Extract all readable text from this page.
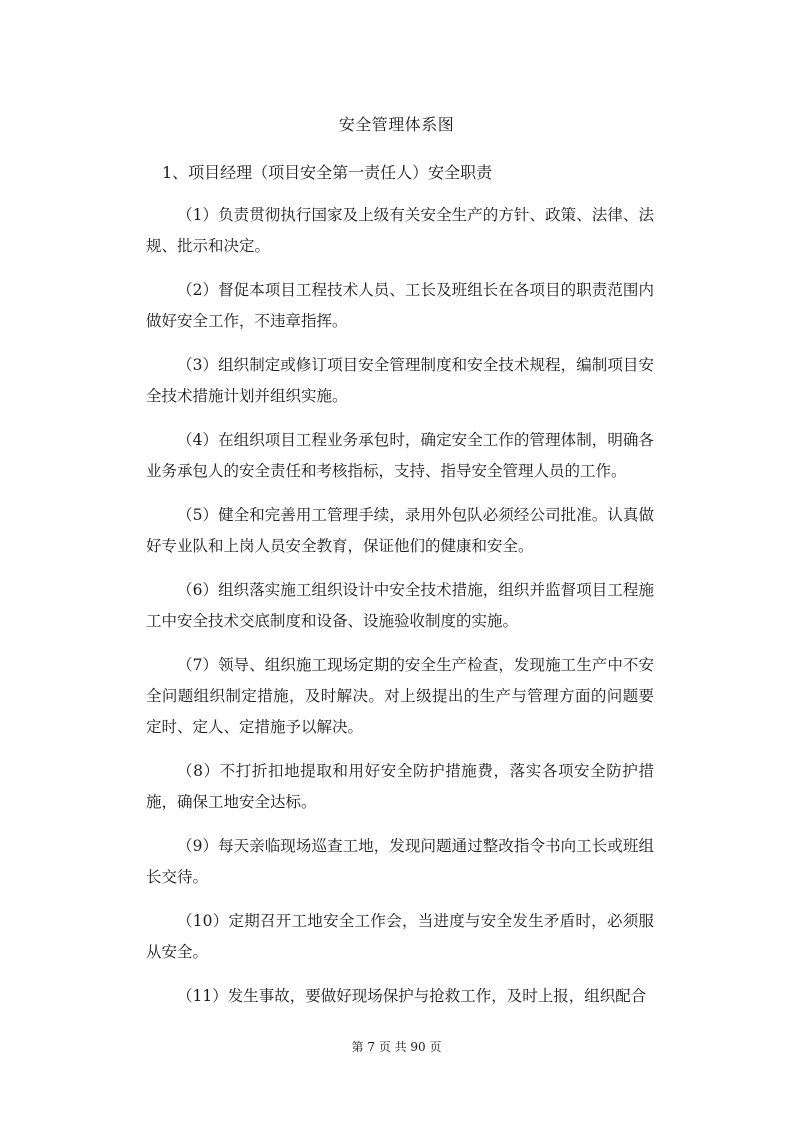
安全管理体系图
1、项目经理（项目安全第一责任人）安全职责

（1）负责贯彻执行国家及上级有关安全生产的方针、政策、法律、法规、批示和决定。

（2）督促本项目工程技术人员、工长及班组长在各项目的职责范围内做好安全工作，不违章指挥。

（3）组织制定或修订项目安全管理制度和安全技术规程，编制项目安全技术措施计划并组织实施。

（4）在组织项目工程业务承包时，确定安全工作的管理体制，明确各业务承包人的安全责任和考核指标，支持、指导安全管理人员的工作。

（5）健全和完善用工管理手续，录用外包队必须经公司批准。认真做好专业队和上岗人员安全教育，保证他们的健康和安全。

（6）组织落实施工组织设计中安全技术措施，组织并监督项目工程施工中安全技术交底制度和设备、设施验收制度的实施。

（7）领导、组织施工现场定期的安全生产检查，发现施工生产中不安全问题组织制定措施，及时解决。对上级提出的生产与管理方面的问题要定时、定人、定措施予以解决。

（8）不打折扣地提取和用好安全防护措施费，落实各项安全防护措施，确保工地安全达标。

（9）每天亲临现场巡查工地，发现问题通过整改指令书向工长或班组长交待。

（10）定期召开工地安全工作会，当进度与安全发生矛盾时，必须服从安全。

（11）发生事故，要做好现场保护与抢救工作，及时上报，组织配合

第 7 页 共 90 页
